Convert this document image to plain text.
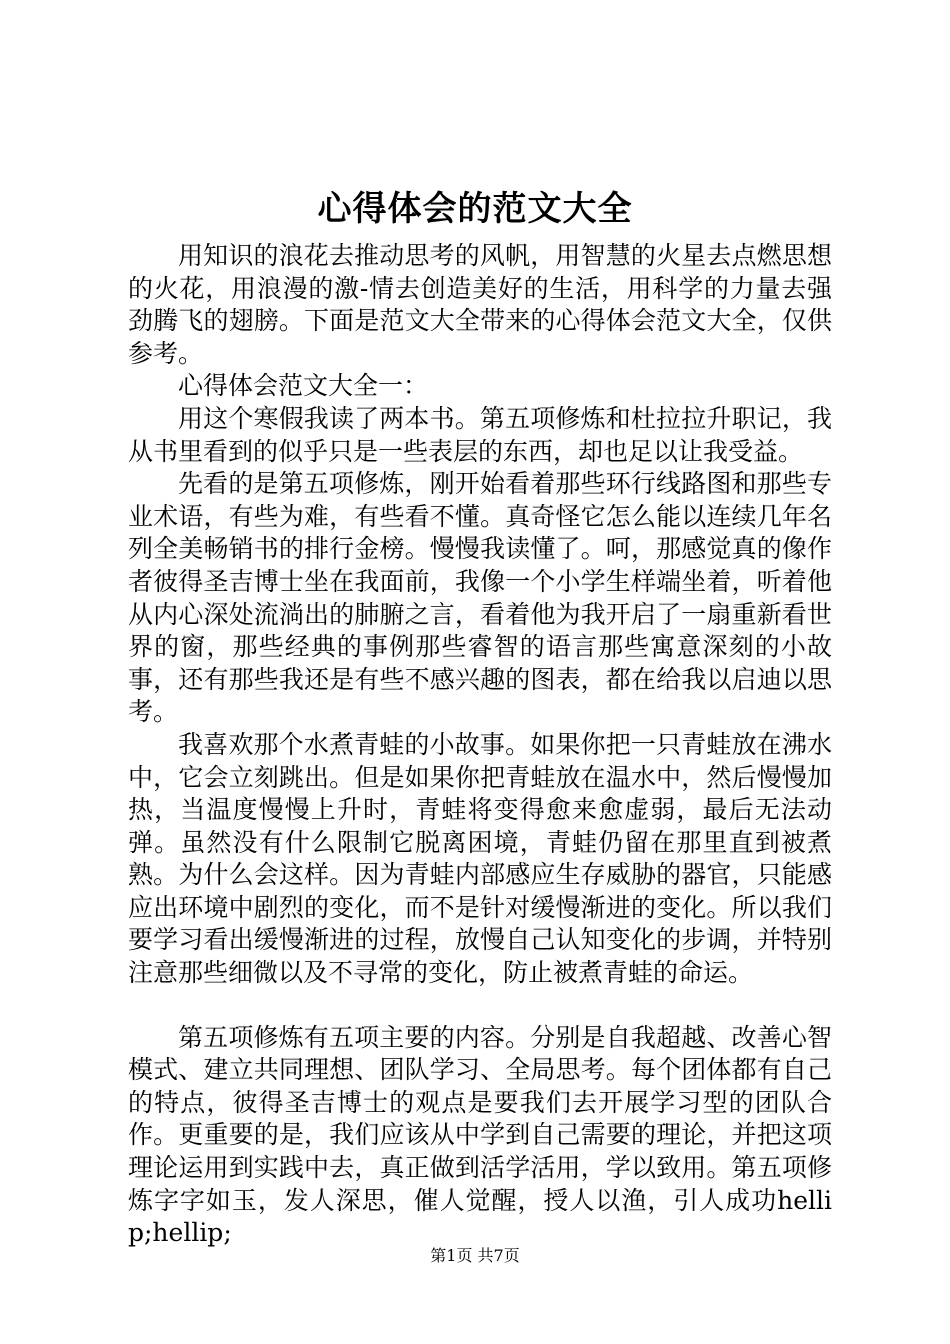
心得体会的范文大全

用知识的浪花去推动思考的风帆，用智慧的火星去点燃思想的火花，用浪漫的激-情去创造美好的生活，用科学的力量去强劲腾飞的翅膀。下面是范文大全带来的心得体会范文大全，仅供参考。

心得体会范文大全一：

用这个寒假我读了两本书。第五项修炼和杜拉拉升职记，我从书里看到的似乎只是一些表层的东西，却也足以让我受益。

先看的是第五项修炼，刚开始看着那些环行线路图和那些专业术语，有些为难，有些看不懂。真奇怪它怎么能以连续几年名列全美畅销书的排行金榜。慢慢我读懂了。呵，那感觉真的像作者彼得圣吉博士坐在我面前，我像一个小学生样端坐着，听着他从内心深处流淌出的肺腑之言，看着他为我开启了一扇重新看世界的窗，那些经典的事例那些睿智的语言那些寓意深刻的小故事，还有那些我还是有些不感兴趣的图表，都在给我以启迪以思考。

我喜欢那个水煮青蛙的小故事。如果你把一只青蛙放在沸水中，它会立刻跳出。但是如果你把青蛙放在温水中，然后慢慢加热，当温度慢慢上升时，青蛙将变得愈来愈虚弱，最后无法动弹。虽然没有什么限制它脱离困境，青蛙仍留在那里直到被煮熟。为什么会这样。因为青蛙内部感应生存威胁的器官，只能感应出环境中剧烈的变化，而不是针对缓慢渐进的变化。所以我们要学习看出缓慢渐进的过程，放慢自己认知变化的步调，并特别注意那些细微以及不寻常的变化，防止被煮青蛙的命运。

第五项修炼有五项主要的内容。分别是自我超越、改善心智模式、建立共同理想、团队学习、全局思考。每个团体都有自己的特点，彼得圣吉博士的观点是要我们去开展学习型的团队合作。更重要的是，我们应该从中学到自己需要的理论，并把这项理论运用到实践中去，真正做到活学活用，学以致用。第五项修炼字字如玉，发人深思，催人觉醒，授人以渔，引人成功hellip;hellip;

第1页 共7页
